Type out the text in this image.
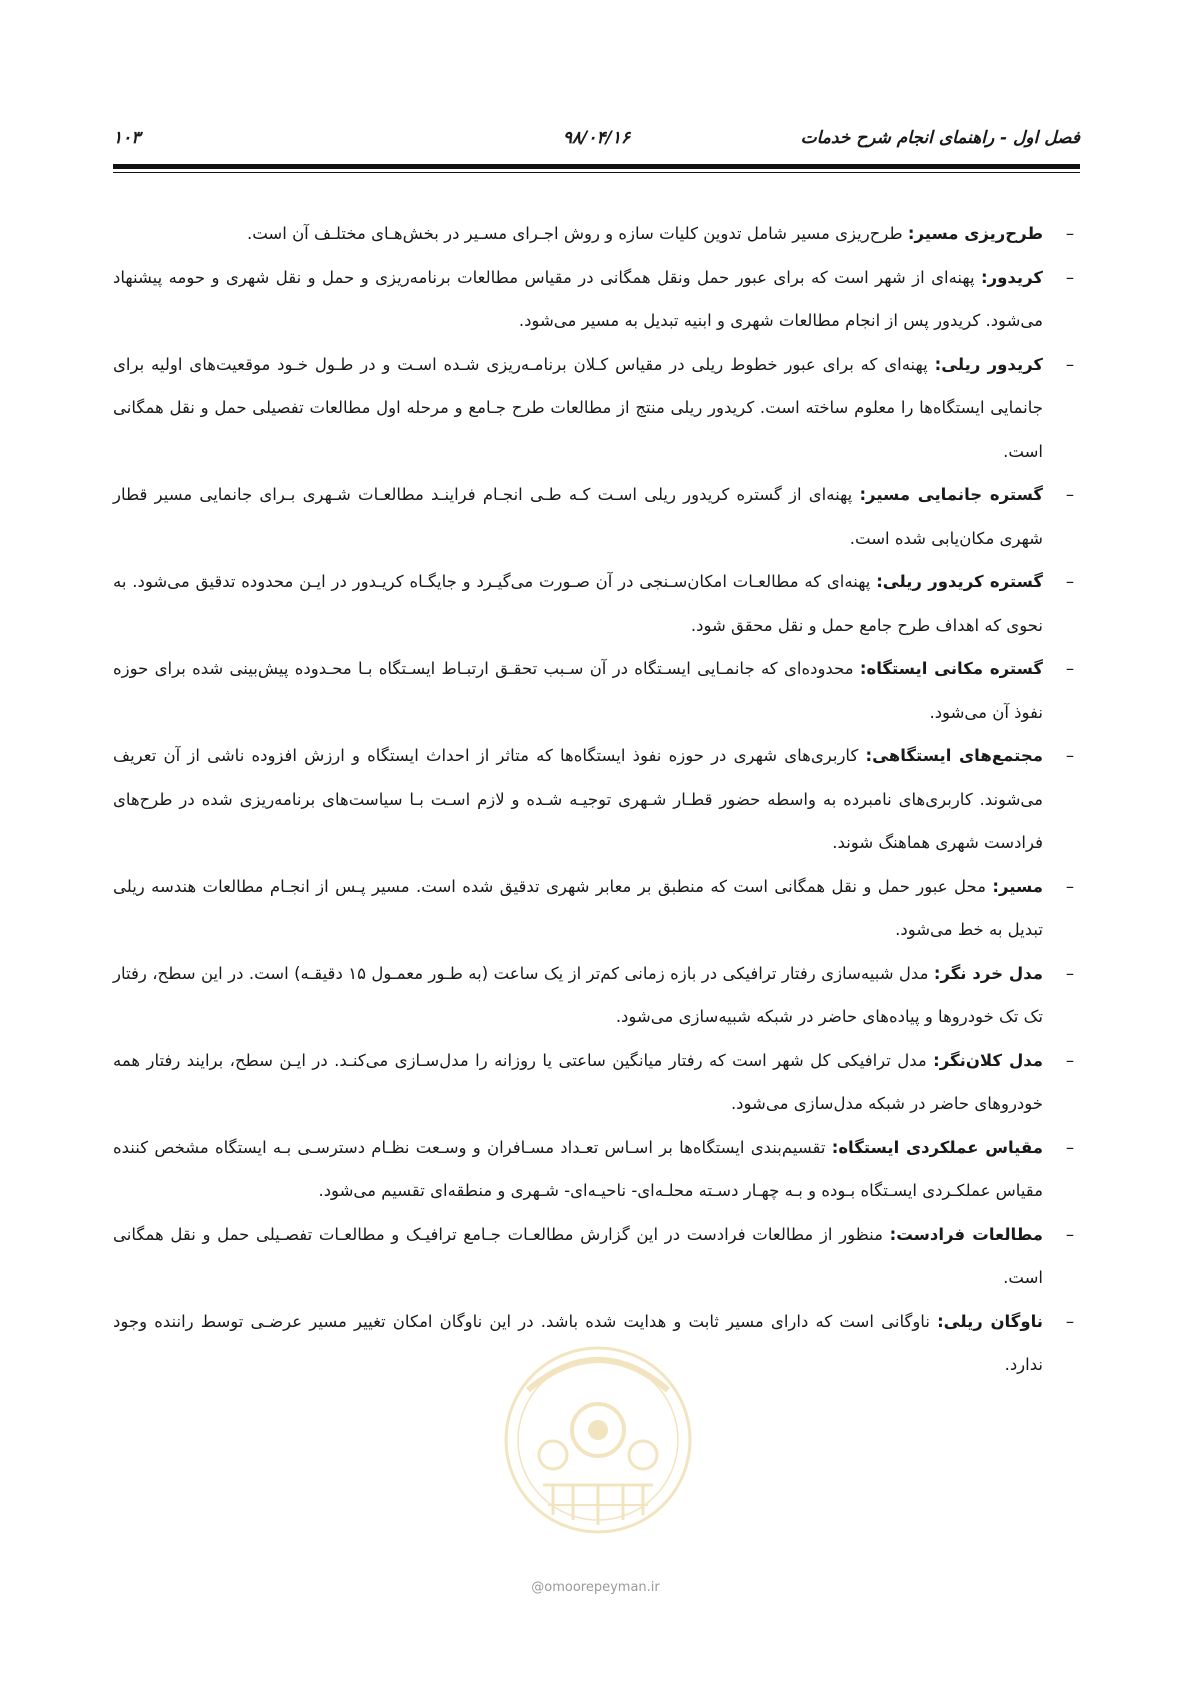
فصل اول - راهنمای انجام شرح خدمات
۹۸/۰۴/۱۶
۱۰۳

–
طرح‌ریزی مسیر: طرح‌ریزی مسیر شامل تدوین کلیات سازه و روش اجـرای مسـیر در بخش‌هـای مختلـف آن است.

–
کریدور: پهنه‌ای از شهر است که برای عبور حمل ونقل همگانی در مقیاس مطالعات برنامه‌ریزی و حمل و نقل شهری و حومه پیشنهاد می‌شود. کریدور پس از انجام مطالعات شهری و ابنیه تبدیل به مسیر می‌شود.

–
کریدور ریلی: پهنه‌ای که برای عبور خطوط ریلی در مقیاس کـلان برنامـه‌ریزی شـده اسـت و در طـول خـود موقعیت‌های اولیه برای جانمایی ایستگاه‌ها را معلوم ساخته است. کریدور ریلی منتج از مطالعات طرح جـامع و مرحله اول مطالعات تفصیلی حمل و نقل همگانی است.

–
گستره جانمایی مسیر: پهنه‌ای از گستره کریدور ریلی اسـت کـه طـی انجـام فراینـد مطالعـات شـهری بـرای جانمایی مسیر قطار شهری مکان‌یابی شده است.

–
گستره کریدور ریلی: پهنه‌ای که مطالعـات امکان‌سـنجی در آن صـورت می‌گیـرد و جایگـاه کریـدور در ایـن محدوده تدقیق می‌شود. به نحوی که اهداف طرح جامع حمل و نقل محقق شود.

–
گستره مکانی ایستگاه: محدوده‌ای که جانمـایی ایسـتگاه در آن سـبب تحقـق ارتبـاط ایسـتگاه بـا محـدوده پیش‌بینی شده برای حوزه نفوذ آن می‌شود.

–
مجتمع‌های ایستگاهی: کاربری‌های شهری در حوزه نفوذ ایستگاه‌ها که متاثر از احداث ایستگاه و ارزش افزوده ناشی از آن تعریف می‌شوند. کاربری‌های نامبرده به واسطه حضور قطـار شـهری توجیـه شـده و لازم اسـت بـا سیاست‌های برنامه‌ریزی شده در طرح‌های فرادست شهری هماهنگ شوند.

–
مسیر: محل عبور حمل و نقل همگانی است که منطبق بر معابر شهری تدقیق شده است. مسیر پـس از انجـام مطالعات هندسه ریلی تبدیل به خط می‌شود.

–
مدل خرد نگر: مدل شبیه‌سازی رفتار ترافیکی در بازه زمانی کم‌تر از یک ساعت (به طـور معمـول ۱۵ دقیقـه) است. در این سطح، رفتار تک تک خودروها و پیاده‌های حاضر در شبکه شبیه‌سازی می‌شود.

–
مدل کلان‌نگر: مدل ترافیکی کل شهر است که رفتار میانگین ساعتی یا روزانه را مدل‌سـازی می‌کنـد. در ایـن سطح، برایند رفتار همه خودروهای حاضر در شبکه مدل‌سازی می‌شود.

–
مقیاس عملکردی ایستگاه: تقسیم‌بندی ایستگاه‌ها بر اسـاس تعـداد مسـافران و وسـعت نظـام دسترسـی بـه ایستگاه مشخص کننده مقیاس عملکـردی ایسـتگاه بـوده و بـه چهـار دسـته محلـه‌ای- ناحیـه‌ای- شـهری و منطقه‌ای تقسیم می‌شود.

–
مطالعات فرادست: منظور از مطالعات فرادست در این گزارش مطالعـات جـامع ترافیـک و مطالعـات تفصـیلی حمل و نقل همگانی است.

–
ناوگان ریلی: ناوگانی است که دارای مسیر ثابت و هدایت شده باشد. در این ناوگان امکان تغییر مسیر عرضـی توسط راننده وجود ندارد.

@omoorepeyman.ir
